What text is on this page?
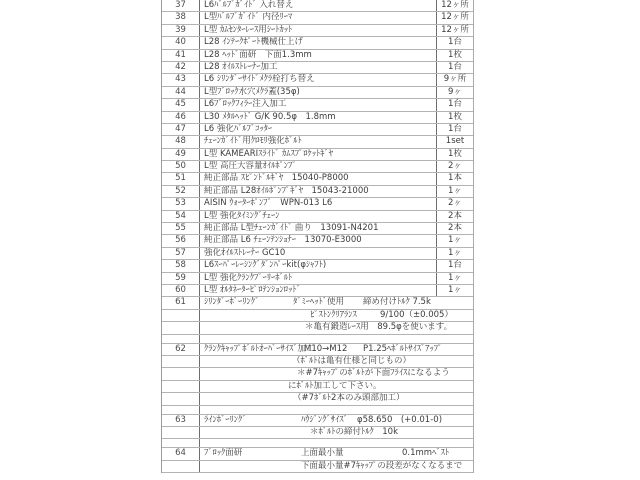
37	L6ﾊﾞﾙﾌﾞｶﾞｲﾄﾞ 入れ替え	12ヶ所
38	L型ﾊﾞﾙﾌﾞｶﾞｲﾄﾞ 内径ﾘｰﾏ	12ヶ所
39	L型 ｶﾑｾﾝﾀｰﾚｰｽ用ｼｰﾄｶｯﾄ	12ヶ所
40	L28 ｲﾝﾃｰｸﾎﾟｰﾄ機械仕上げ	1台
41	L28 ﾍｯﾄﾞ面研　下面1.3mm	1枚
42	L28 ｵｲﾙｽﾄﾚｰﾅｰ加工	1台
43	L6 ｼﾘﾝﾀﾞｰｻｲﾄﾞﾒｸﾗ栓打ち替え	9ヶ所
44	L型ﾌﾞﾛｯｸ水穴ﾒｸﾗ蓋(35φ)	9ヶ
45	L6ﾌﾞﾛｯｸﾌｨﾗｰ注入加工	1台
46	L30 ﾒﾀﾙﾍｯﾄﾞ G/K 90.5φ　1.8mm	1枚
47	L6 強化ﾊﾞﾙﾌﾞｺｯﾀｰ	1台
48	ﾁｪｰﾝｶﾞｲﾄﾞ用ｸﾛﾓﾘ強化ﾎﾞﾙﾄ	1set
49	L型 KAMEARIｽﾗｲﾄﾞ ｶﾑｽﾌﾟﾛｹｯﾄｷﾞﾔ	1枚
50	L型 高圧大容量ｵｲﾙﾎﾟﾝﾌﾟ	2ヶ
51	純正部品 ｽﾋﾟﾝﾄﾞﾙｷﾞﾔ　15040-P8000	1本
52	純正部品 L28ｵｲﾙﾎﾟﾝﾌﾟｷﾞﾔ　15043-21000	1ヶ
53	AISIN ｳｫｰﾀｰﾎﾟﾝﾌﾟ　WPN-013 L6	2ヶ
54	L型 強化ﾀｲﾐﾝｸﾞﾁｪｰﾝ	2本
55	純正部品 L型ﾁｪｰﾝｶﾞｲﾄﾞ 曲り　13091-N4201	2本
56	純正部品 L6 ﾁｪｰﾝﾃﾝｼｮﾅｰ　13070-E3000	1ヶ
57	強化ｵｲﾙｽﾄﾚｰﾅｰ GC10	1ヶ
58	L6ｽｰﾊﾟｰﾚｰｼﾝｸﾞﾀﾞﾝﾊﾟｰkit(φｼｬﾌﾄ)	1台
59	L型 強化ｸﾗﾝｸﾌﾟｰﾘｰﾎﾞﾙﾄ	1ヶ
60	L型 ｵﾙﾀﾈｰﾀｰﾋﾟﾛﾃﾝｼｮﾝﾛｯﾄﾞ	1ヶ
61	ｼﾘﾝﾀﾞｰﾎﾞｰﾘﾝｸﾞ	ﾀﾞﾐｰﾍｯﾄﾞ使用 締め付けﾄﾙｸ 7.5k
ﾋﾟｽﾄﾝｸﾘｱﾗﾝｽ	9/100（±0.005）
＊亀有鍛造ﾚｰｽ用　89.5φを使います。
62	ｸﾗﾝｸｷｬｯﾌﾟﾎﾞﾙﾄｵｰﾊﾞｰｻｲｽﾞ加工
M10→M12 P1.25ﾍﾎﾞﾙﾄｻｲｽﾞｱｯﾌﾟ
（ﾎﾞﾙﾄは亀有仕様と同じもの）
＊#7ｷｬｯﾌﾟのﾎﾞﾙﾄが下面ﾌﾗｲｽになるよう
にﾎﾞﾙﾄ加工して下さい。
（#7ﾎﾞﾙﾄ2本のみ頭部加工）
63	ﾗｲﾝﾎﾞｰﾘﾝｸﾞ	ﾊｳｼﾞﾝｸﾞｻｲｽﾞ φ58.650　(+0.01-0)
＊ﾎﾞﾙﾄの締付ﾄﾙｸ　10k
64	ﾌﾞﾛｯｸ面研	上面最小量	0.1mmﾍﾞｽﾄ
下面最小量#7ｷｬｯﾌﾟの段差がなくなるまで
